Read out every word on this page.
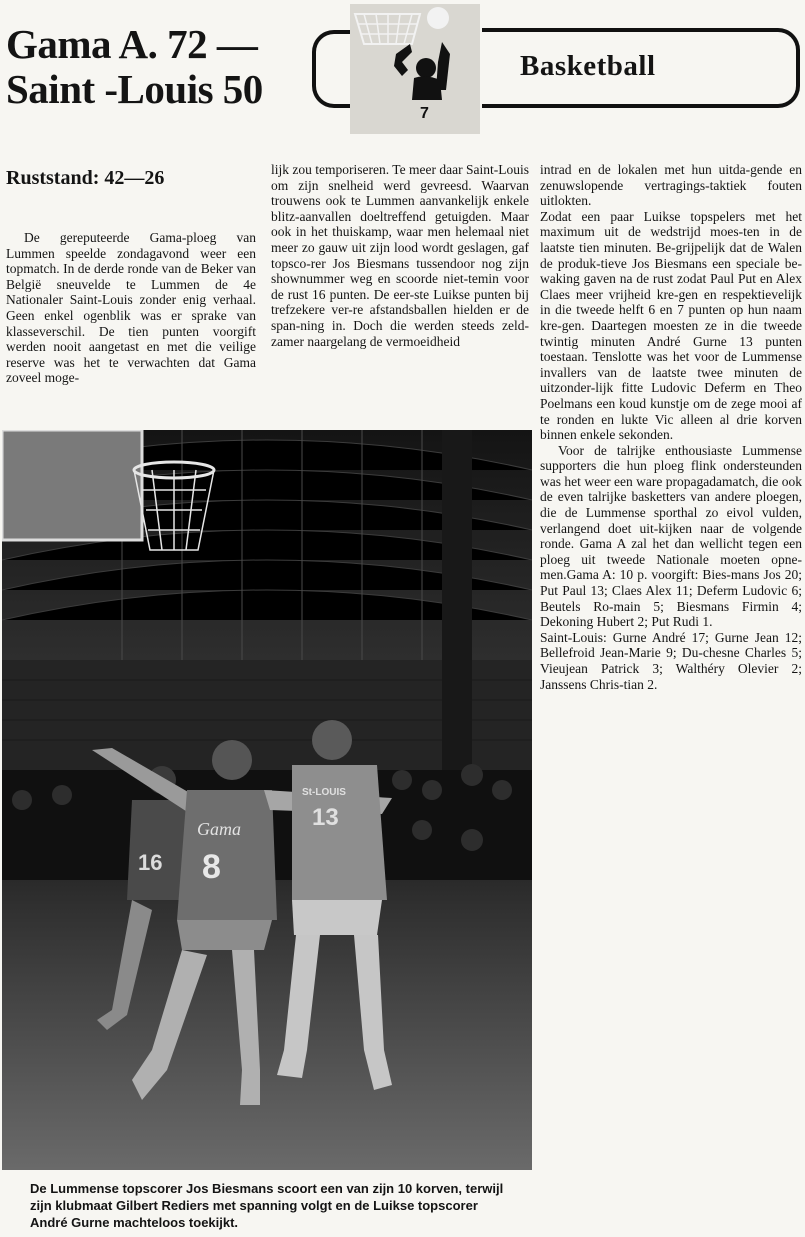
Gama A. 72 —
Saint -Louis 50
7
Basketball
Ruststand: 42—26

De gereputeerde Gama-ploeg van Lummen speelde zondagavond weer een topmatch. In de derde ronde van de Beker van België sneuvelde te Lummen de 4e Nationaler Saint-Louis zonder enig verhaal. Geen enkel ogenblik was er sprake van klasseverschil. De tien punten voorgift werden nooit aangetast en met die veilige reserve was het te verwachten dat Gama zoveel moge-

lijk zou temporiseren. Te meer daar Saint-Louis om zijn snelheid werd gevreesd. Waarvan trouwens ook te Lummen aanvankelijk enkele blitz-aanvallen doeltreffend getuigden. Maar ook in het thuiskamp, waar men helemaal niet meer zo gauw uit zijn lood wordt geslagen, gaf topsco-rer Jos Biesmans tussendoor nog zijn shownummer weg en scoorde niet-temin voor de rust 16 punten. De eer-ste Luikse punten bij trefzekere ver-re afstandsballen hielden er de span-ning in. Doch die werden steeds zeld-zamer naargelang de vermoeidheid

intrad en de lokalen met hun uitda-gende en zenuwslopende vertragings-taktiek fouten uitlokten.

Zodat een paar Luikse topspelers met het maximum uit de wedstrijd moes-ten in de laatste tien minuten. Be-grijpelijk dat de Walen de produk-tieve Jos Biesmans een speciale be-waking gaven na de rust zodat Paul Put en Alex Claes meer vrijheid kre-gen en respektievelijk in die tweede helft 6 en 7 punten op hun naam kre-gen. Daartegen moesten ze in die tweede twintig minuten André Gurne 13 punten toestaan. Tenslotte was het voor de Lummense invallers van de laatste twee minuten de uitzonder-lijk fitte Ludovic Deferm en Theo Poelmans een koud kunstje om de zege mooi af te ronden en lukte Vic alleen al drie korven binnen enkele sekonden.

Voor de talrijke enthousiaste Lummense supporters die hun ploeg flink ondersteunden was het weer een ware propagadamatch, die ook de even talrijke basketters van andere ploegen, die de Lummense sporthal zo eivol vulden, verlangend doet uit-kijken naar de volgende ronde. Gama A zal het dan wellicht tegen een ploeg uit tweede Nationale moeten opne-men.Gama A: 10 p. voorgift: Bies-mans Jos 20; Put Paul 13; Claes Alex 11; Deferm Ludovic 6; Beutels Ro-main 5; Biesmans Firmin 4; Dekoning Hubert 2; Put Rudi 1.

Saint-Louis: Gurne André 17; Gurne Jean 12; Bellefroid Jean-Marie 9; Du-chesne Charles 5; Vieujean Patrick 3; Walthéry Olevier 2; Janssens Chris-tian 2.

16
Gama
8
St-LOUIS
13

De Lummense topscorer Jos Biesmans scoort een van zijn 10 korven, terwijl zijn klubmaat Gilbert Rediers met spanning volgt en de Luikse topscorer André Gurne machteloos toekijkt.
